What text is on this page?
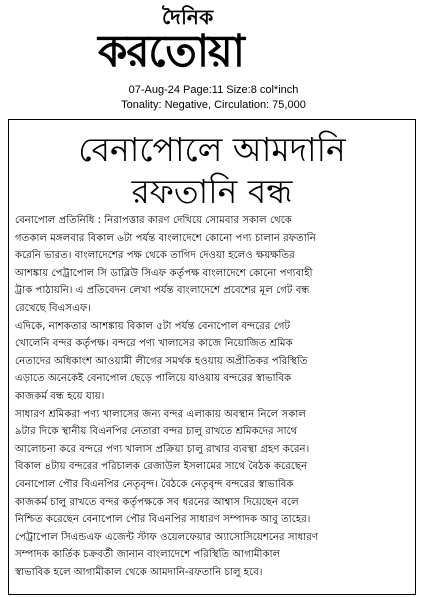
দৈনিক
করতোয়া
07-Aug-24 Page:11 Size:8 col*inch
Tonality: Negative, Circulation: 75,000
বেনাপোলে আমদানি
রফতানি বন্ধ
বেনাপোল প্রতিনিধি : নিরাপত্তার কারণ দেখিয়ে সোমবার সকাল থেকে
গতকাল মঙ্গলবার বিকাল ৬টা পর্যন্ত বাংলাদেশে কোনো পণ্য চালান রফতানি
করেনি ভারত। বাংলাদেশের পক্ষ থেকে তাগিদ দেওয়া হলেও ক্ষয়ক্ষতির
আশঙ্কায় পেট্রাপোল সি ডাব্লিউ সিএফ কর্তৃপক্ষ বাংলাদেশে কোনো পণ্যবাহী
ট্রাক পাঠায়নি। এ প্রতিবেদন লেখা পর্যন্ত বাংলাদেশে প্রবেশের মূল গেট বন্ধ
রেখেছে বিএসএফ।
এদিকে, নাশকতার আশঙ্কায় বিকাল ৫টা পর্যন্ত বেনাপোল বন্দরের গেট
খোলেনি বন্দর কর্তৃপক্ষ। বন্দরে পণ্য খালাসের কাজে নিয়োজিত শ্রমিক
নেতাদের অধিকাংশ আওয়ামী লীগের সমর্থক হওয়ায় অপ্রীতিকর পরিস্থিতি
এড়াতে অনেকেই বেনাপোল ছেড়ে পালিয়ে যাওয়ায় বন্দরের স্বাভাবিক
কাজকর্ম বন্ধ হয়ে যায়।
সাধারণ শ্রমিকরা পণ্য খালাসের জন্য বন্দর এলাকায় অবস্থান নিলে সকাল
৯টার দিকে স্থানীয় বিএনপির নেতারা বন্দর চালু রাখতে শ্রমিকদের সাথে
আলোচনা করে বন্দরে পণ্য খালাস প্রক্রিয়া চালু রাখার ব্যবস্থা গ্রহণ করেন।
বিকাল ৪টায় বন্দরের পরিচালক রেজাউল ইসলামের সাথে বৈঠক করেছেন
বেনাপোল পৌর বিএনপির নেতৃবৃন্দ। বৈঠকে নেতৃবৃন্দ বন্দরের স্বাভাবিক
কাজকর্ম চালু রাখতে বন্দর কর্তৃপক্ষকে সব ধরনের আশ্বাস দিয়েছেন বলে
নিশ্চিত করেছেন বেনাপোল পৌর বিএনপির সাধারণ সম্পাদক আবু তাহের।
পেট্রাপোল সিএন্ডএফ এজেন্ট স্টাফ ওয়েলফেয়ার অ্যাসোসিয়েশনের সাধারণ
সম্পাদক কার্তিক চক্রবর্তী জানান বাংলাদেশে পরিস্থিতি আগামীকাল
স্বাভাবিক হলে আগামীকাল থেকে আমদানি-রফতানি চালু হবে।
